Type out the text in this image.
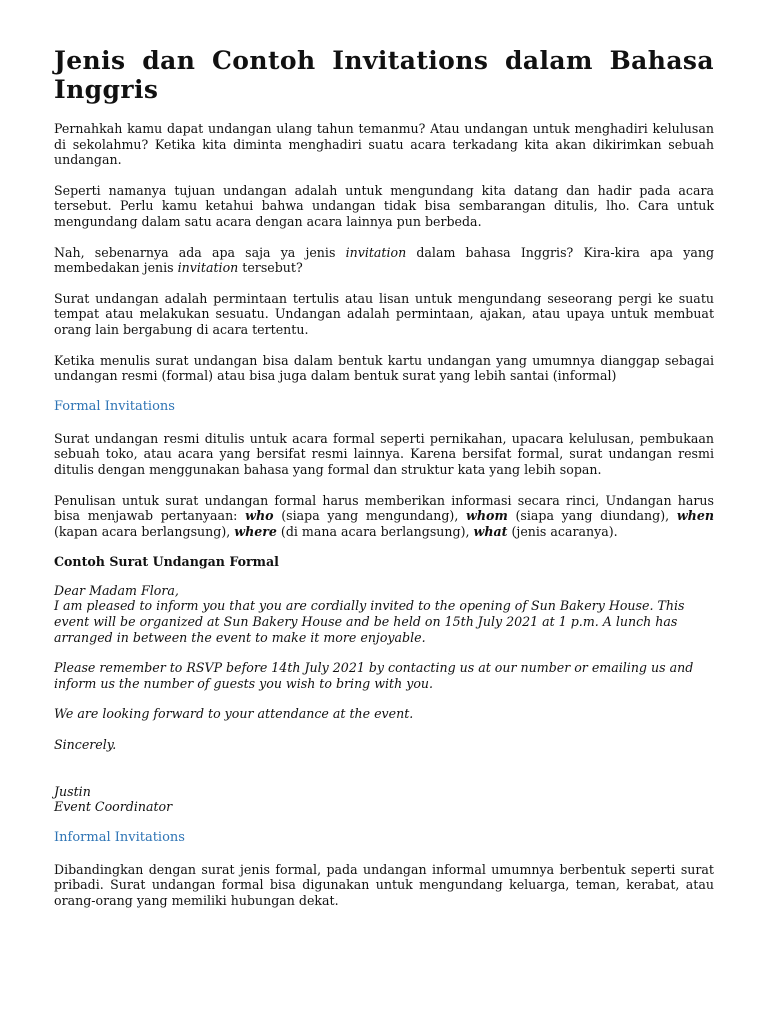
Jenis dan Contoh Invitations dalam Bahasa Inggris

Pernahkah kamu dapat undangan ulang tahun temanmu? Atau undangan untuk menghadiri kelulusan di sekolahmu? Ketika kita diminta menghadiri suatu acara terkadang kita akan dikirimkan sebuah undangan.

Seperti namanya tujuan undangan adalah untuk mengundang kita datang dan hadir pada acara tersebut. Perlu kamu ketahui bahwa undangan tidak bisa sembarangan ditulis, lho. Cara untuk mengundang dalam satu acara dengan acara lainnya pun berbeda.

Nah, sebenarnya ada apa saja ya jenis invitation dalam bahasa Inggris? Kira-kira apa yang membedakan jenis invitation tersebut?

Surat undangan adalah permintaan tertulis atau lisan untuk mengundang seseorang pergi ke suatu tempat atau melakukan sesuatu. Undangan adalah permintaan, ajakan, atau upaya untuk membuat orang lain bergabung di acara tertentu.

Ketika menulis surat undangan bisa dalam bentuk kartu undangan yang umumnya dianggap sebagai undangan resmi (formal) atau bisa juga dalam bentuk surat yang lebih santai (informal)

Formal Invitations

Surat undangan resmi ditulis untuk acara formal seperti pernikahan, upacara kelulusan, pembukaan sebuah toko, atau acara yang bersifat resmi lainnya. Karena bersifat formal, surat undangan resmi ditulis dengan menggunakan bahasa yang formal dan struktur kata yang lebih sopan.

Penulisan untuk surat undangan formal harus memberikan informasi secara rinci, Undangan harus bisa menjawab pertanyaan: who (siapa yang mengundang), whom (siapa yang diundang), when (kapan acara berlangsung), where (di mana acara berlangsung), what (jenis acaranya).

Contoh Surat Undangan Formal

Dear Madam Flora,

I am pleased to inform you that you are cordially invited to the opening of Sun Bakery House. This event will be organized at Sun Bakery House and be held on 15th July 2021 at 1 p.m. A lunch has arranged in between the event to make it more enjoyable.

Please remember to RSVP before 14th July 2021 by contacting us at our number or emailing us and inform us the number of guests you wish to bring with you.

We are looking forward to your attendance at the event.

Sincerely.

Justin

Event Coordinator

Informal Invitations

Dibandingkan dengan surat jenis formal, pada undangan informal umumnya berbentuk seperti surat pribadi. Surat undangan formal bisa digunakan untuk mengundang keluarga, teman, kerabat, atau orang-orang yang memiliki hubungan dekat.
